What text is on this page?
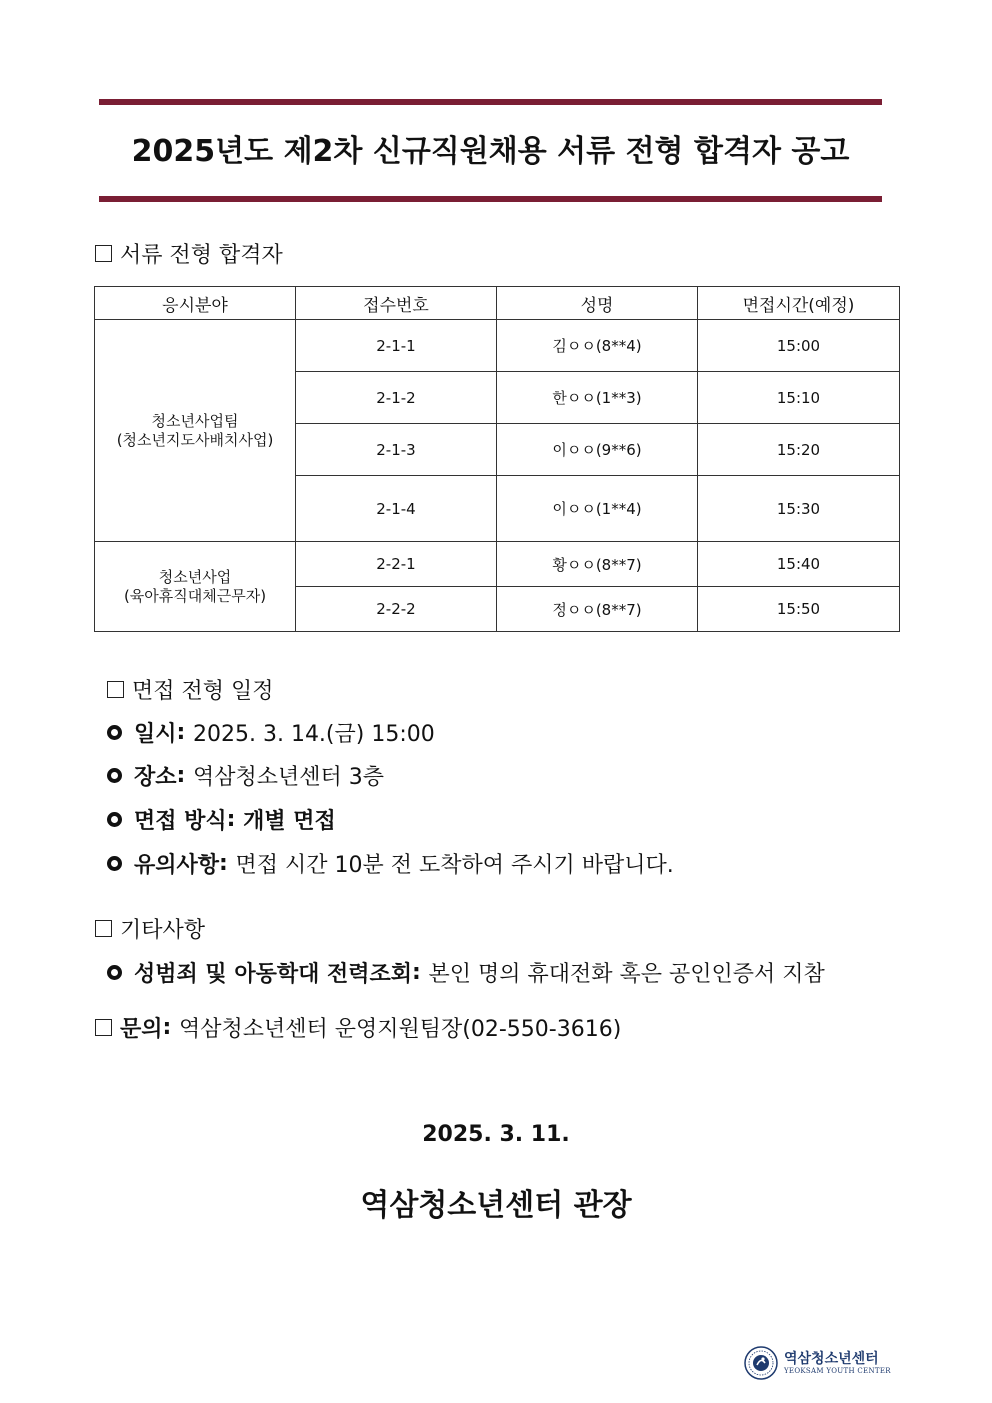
2025년도 제2차 신규직원채용 서류 전형 합격자 공고
서류 전형 합격자
응시분야	접수번호	성명	면접시간(예정)

청소년사업팀
(청소년지도사배치사업)	2-1-1	김ㅇㅇ(8**4)	15:00
	2-1-2	한ㅇㅇ(1**3)	15:10
	2-1-3	이ㅇㅇ(9**6)	15:20
	2-1-4	이ㅇㅇ(1**4)	15:30

청소년사업
(육아휴직대체근무자)	2-2-1	황ㅇㅇ(8**7)	15:40
	2-2-2	정ㅇㅇ(8**7)	15:50
면접 전형 일정
일시 : 2025. 3. 14.(금) 15:00
장소 : 역삼청소년센터 3층
면접 방식 : 개별 면접
유의사항 : 면접 시간 10분 전 도착하여 주시기 바랍니다.
기타사항
성범죄 및 아동학대 전력조회 : 본인 명의 휴대전화 혹은 공인인증서 지참
문의 : 역삼청소년센터 운영지원팀장(02-550-3616)
2025. 3. 11.
역삼청소년센터 관장
역삼청소년센터
YEOKSAM YOUTH CENTER
